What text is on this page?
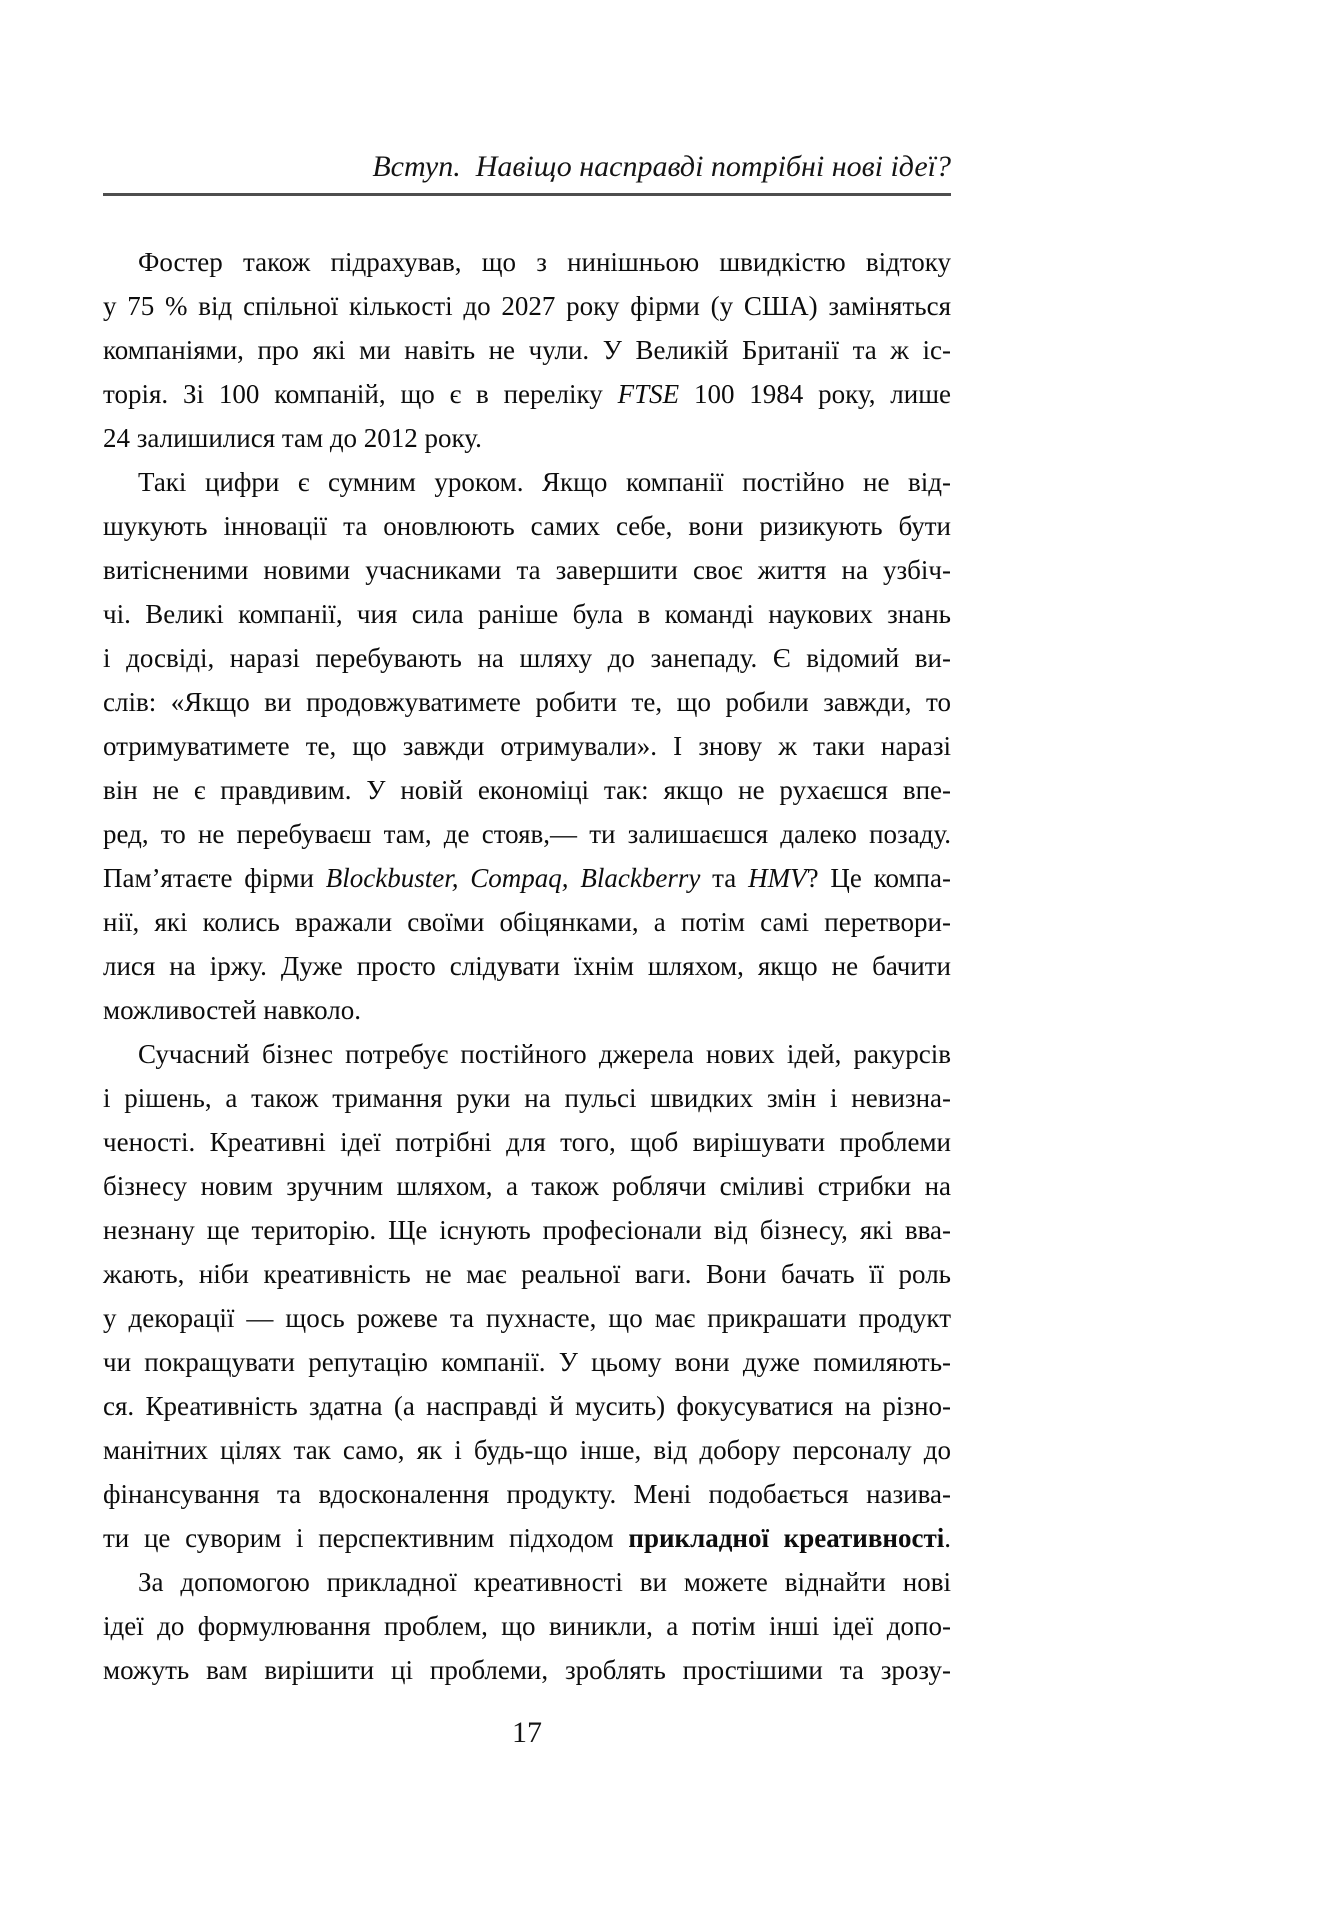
Вступ.  Навіщо насправді потрібні нові ідеї?
Фостер також підрахував, що з нинішньою швидкістю відтоку
у 75 % від спільної кількості до 2027 року фірми (у США) заміняться
компаніями, про які ми навіть не чули. У Великій Британії та ж іс-
торія. Зі 100 компаній, що є в переліку FTSE 100 1984 року, лише
24 залишилися там до 2012 року.
Такі цифри є сумним уроком. Якщо компанії постійно не від-
шукують інновації та оновлюють самих себе, вони ризикують бути
витісненими новими учасниками та завершити своє життя на узбіч-
чі. Великі компанії, чия сила раніше була в команді наукових знань
і досвіді, наразі перебувають на шляху до занепаду. Є відомий ви-
слів: «Якщо ви продовжуватимете робити те, що робили завжди, то
отримуватимете те, що завжди отримували». І знову ж таки наразі
він не є правдивим. У новій економіці так: якщо не рухаєшся впе-
ред, то не перебуваєш там, де стояв,— ти залишаєшся далеко позаду.
Пам’ятаєте фірми Blockbuster, Compaq, Blackberry та HMV? Це компа-
нії, які колись вражали своїми обіцянками, а потім самі перетвори-
лися на іржу. Дуже просто слідувати їхнім шляхом, якщо не бачити
можливостей навколо.
Сучасний бізнес потребує постійного джерела нових ідей, ракурсів
і рішень, а також тримання руки на пульсі швидких змін і невизна-
ченості. Креативні ідеї потрібні для того, щоб вирішувати проблеми
бізнесу новим зручним шляхом, а також роблячи сміливі стрибки на
незнану ще територію. Ще існують професіонали від бізнесу, які вва-
жають, ніби креативність не має реальної ваги. Вони бачать її роль
у декорації — щось рожеве та пухнасте, що має прикрашати продукт
чи покращувати репутацію компанії. У цьому вони дуже помиляють-
ся. Креативність здатна (а насправді й мусить) фокусуватися на різно-
манітних цілях так само, як і будь-що інше, від добору персоналу до
фінансування та вдосконалення продукту. Мені подобається назива-
ти це суворим і перспективним підходом прикладної креативності.
За допомогою прикладної креативності ви можете віднайти нові
ідеї до формулювання проблем, що виникли, а потім інші ідеї допо-
можуть вам вирішити ці проблеми, зроблять простішими та зрозу-
17
